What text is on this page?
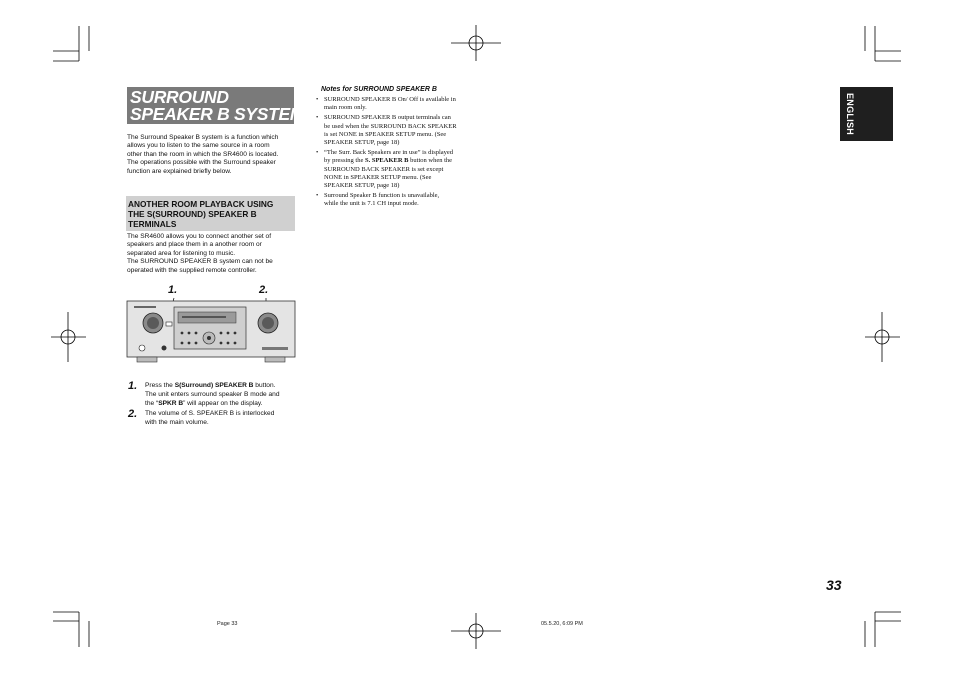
SURROUND
SPEAKER B SYSTEM
The Surround Speaker B system is a function which
allows you to listen to the same source in a room
other than the room in which the SR4600 is located.
The operations possible with the Surround speaker
function are explained briefly below.
ANOTHER ROOM PLAYBACK USING
THE S(SURROUND) SPEAKER B
TERMINALS
The SR4600 allows you to connect another set of
speakers and place them in a another room or
separated area for listening to music.
The SURROUND SPEAKER B system can not be
operated with the supplied remote controller.
1.	2.
1. Press the S(Surround) SPEAKER B button.
The unit enters surround speaker B mode and
the “SPKR B” will appear on the display.
2. The volume of S. SPEAKER B is interlocked
with the main volume.
Notes for SURROUND SPEAKER B
• SURROUND SPEAKER B On/ Off is available in
main room only.
• SURROUND SPEAKER B output terminals can
be used when the SURROUND BACK SPEAKER
is set NONE in SPEAKER SETUP menu. (See
SPEAKER SETUP, page 18)
• “The Surr. Back Speakers are in use” is displayed
by pressing the S. SPEAKER B button when the
SURROUND BACK SPEAKER is set except
NONE in SPEAKER SETUP menu. (See
SPEAKER SETUP, page 18)
• Surround Speaker B function is unavailable,
while the unit is 7.1 CH input mode.
ENGLISH
33
Page 33	05.5.20, 6:09 PM
